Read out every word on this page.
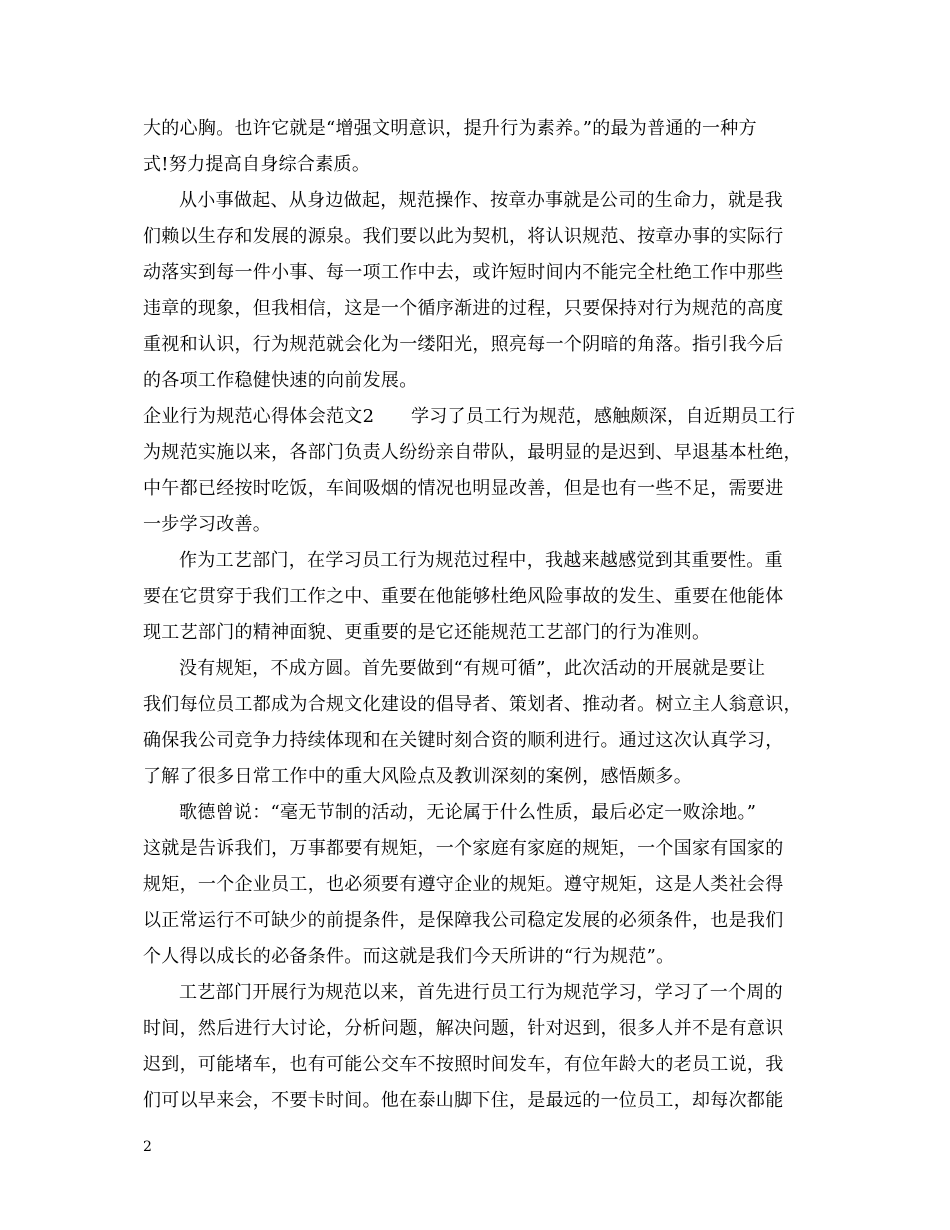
大的心胸。也许它就是“增强文明意识，提升行为素养。”的最为普通的一种方
式!努力提高自身综合素质。
从小事做起、从身边做起，规范操作、按章办事就是公司的生命力，就是我
们赖以生存和发展的源泉。我们要以此为契机，将认识规范、按章办事的实际行
动落实到每一件小事、每一项工作中去，或许短时间内不能完全杜绝工作中那些
违章的现象，但我相信，这是一个循序渐进的过程，只要保持对行为规范的高度
重视和认识，行为规范就会化为一缕阳光，照亮每一个阴暗的角落。指引我今后
的各项工作稳健快速的向前发展。
企业行为规范心得体会范文2　　学习了员工行为规范，感触颇深，自近期员工行
为规范实施以来，各部门负责人纷纷亲自带队，最明显的是迟到、早退基本杜绝，
中午都已经按时吃饭，车间吸烟的情况也明显改善，但是也有一些不足，需要进
一步学习改善。
作为工艺部门，在学习员工行为规范过程中，我越来越感觉到其重要性。重
要在它贯穿于我们工作之中、重要在他能够杜绝风险事故的发生、重要在他能体
现工艺部门的精神面貌、更重要的是它还能规范工艺部门的行为准则。
没有规矩，不成方圆。首先要做到“有规可循”，此次活动的开展就是要让
我们每位员工都成为合规文化建设的倡导者、策划者、推动者。树立主人翁意识，
确保我公司竞争力持续体现和在关键时刻合资的顺利进行。通过这次认真学习，
了解了很多日常工作中的重大风险点及教训深刻的案例，感悟颇多。
歌德曾说：“毫无节制的活动，无论属于什么性质，最后必定一败涂地。”
这就是告诉我们，万事都要有规矩，一个家庭有家庭的规矩，一个国家有国家的
规矩，一个企业员工，也必须要有遵守企业的规矩。遵守规矩，这是人类社会得
以正常运行不可缺少的前提条件，是保障我公司稳定发展的必须条件，也是我们
个人得以成长的必备条件。而这就是我们今天所讲的“行为规范”。
工艺部门开展行为规范以来，首先进行员工行为规范学习，学习了一个周的
时间，然后进行大讨论，分析问题，解决问题，针对迟到，很多人并不是有意识
迟到，可能堵车，也有可能公交车不按照时间发车，有位年龄大的老员工说，我
们可以早来会，不要卡时间。他在泰山脚下住，是最远的一位员工，却每次都能
2
